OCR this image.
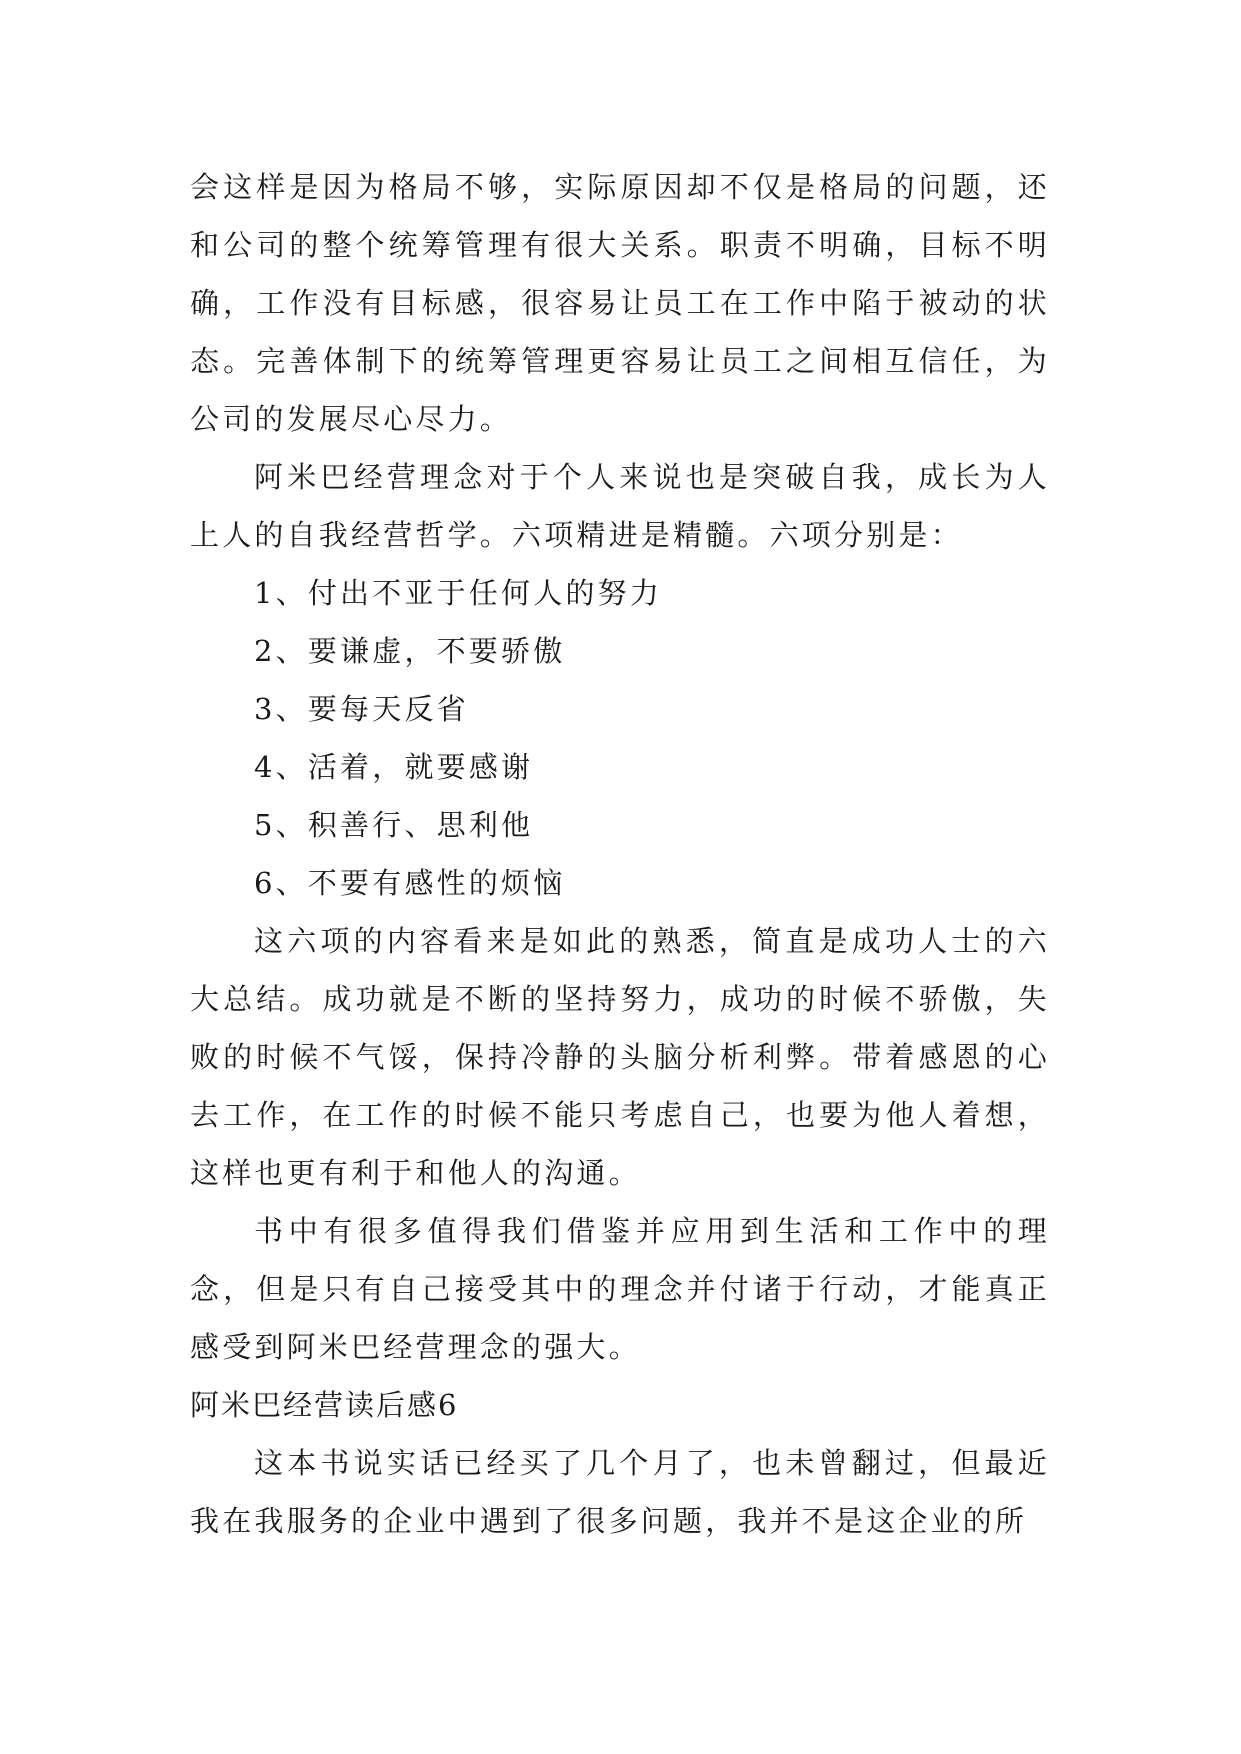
会这样是因为格局不够，实际原因却不仅是格局的问题，还和公司的整个统筹管理有很大关系。职责不明确，目标不明确，工作没有目标感，很容易让员工在工作中陷于被动的状态。完善体制下的统筹管理更容易让员工之间相互信任，为公司的发展尽心尽力。

阿米巴经营理念对于个人来说也是突破自我，成长为人上人的自我经营哲学。六项精进是精髓。六项分别是：

1、付出不亚于任何人的努力

2、要谦虚，不要骄傲

3、要每天反省

4、活着，就要感谢

5、积善行、思利他

6、不要有感性的烦恼

这六项的内容看来是如此的熟悉，简直是成功人士的六大总结。成功就是不断的坚持努力，成功的时候不骄傲，失败的时候不气馁，保持冷静的头脑分析利弊。带着感恩的心去工作，在工作的时候不能只考虑自己，也要为他人着想，这样也更有利于和他人的沟通。

书中有很多值得我们借鉴并应用到生活和工作中的理念，但是只有自己接受其中的理念并付诸于行动，才能真正感受到阿米巴经营理念的强大。

阿米巴经营读后感6

这本书说实话已经买了几个月了，也未曾翻过，但最近我在我服务的企业中遇到了很多问题，我并不是这企业的所
